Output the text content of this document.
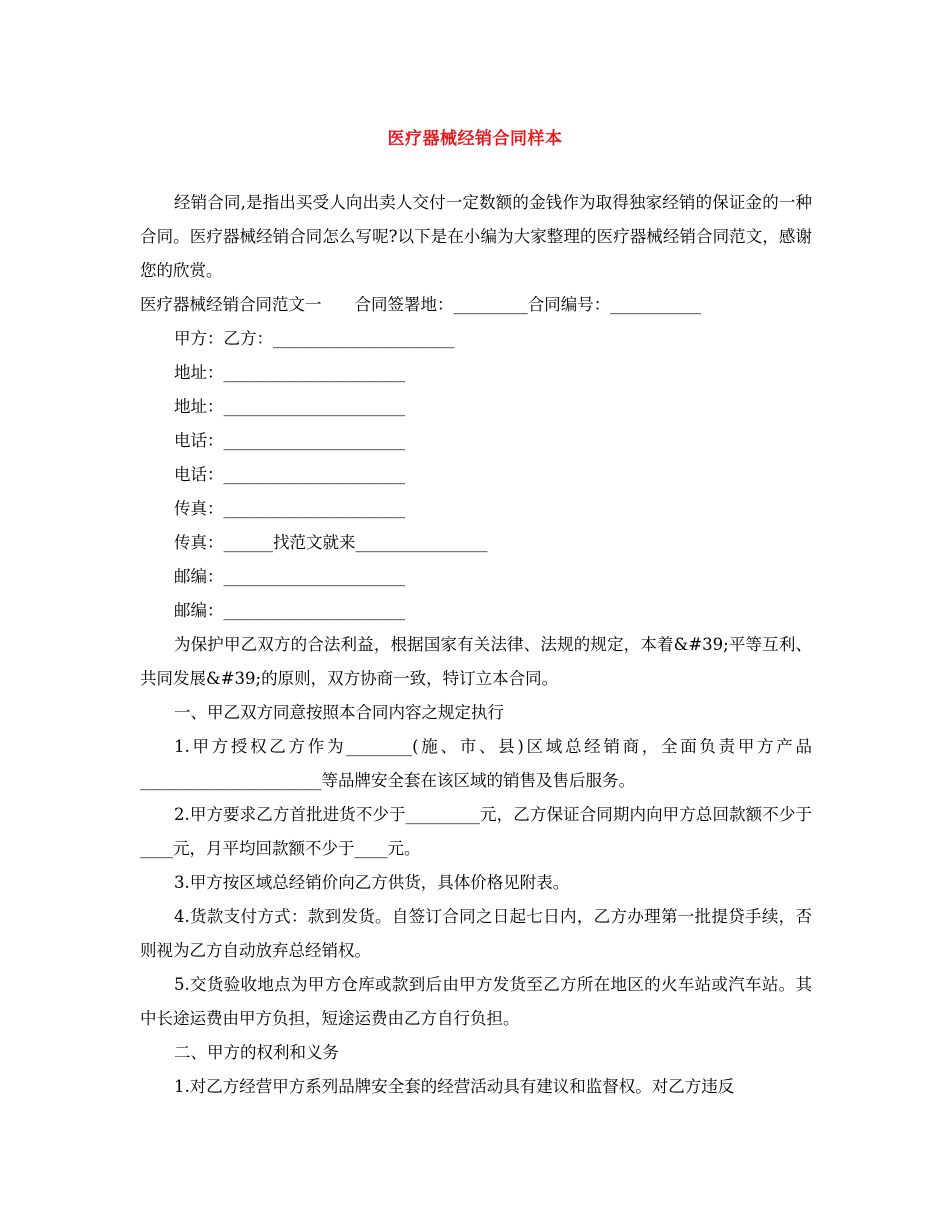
医疗器械经销合同样本

经销合同,是指出买受人向出卖人交付一定数额的金钱作为取得独家经销的保证金的一种合同。医疗器械经销合同怎么写呢?以下是在小编为大家整理的医疗器械经销合同范文，感谢您的欣赏。

医疗器械经销合同范文一　　合同签署地：_________合同编号：___________

甲方：乙方：______________________

地址：______________________

地址：______________________

电话：______________________

电话：______________________

传真：______________________

传真：______找范文就来________________

邮编：______________________

邮编：______________________

为保护甲乙双方的合法利益，根据国家有关法律、法规的规定，本着&#39;平等互利、共同发展&#39;的原则，双方协商一致，特订立本合同。

一、甲乙双方同意按照本合同内容之规定执行

1.甲方授权乙方作为________(施、市、县)区域总经销商，全面负责甲方产品______________________等品牌安全套在该区域的销售及售后服务。

2.甲方要求乙方首批进货不少于_________元，乙方保证合同期内向甲方总回款额不少于____元，月平均回款额不少于____元。

3.甲方按区域总经销价向乙方供货，具体价格见附表。

4.货款支付方式：款到发货。自签订合同之日起七日内，乙方办理第一批提贷手续，否则视为乙方自动放弃总经销权。

5.交货验收地点为甲方仓库或款到后由甲方发货至乙方所在地区的火车站或汽车站。其中长途运费由甲方负担，短途运费由乙方自行负担。

二、甲方的权利和义务

1.对乙方经营甲方系列品牌安全套的经营活动具有建议和监督权。对乙方违反
